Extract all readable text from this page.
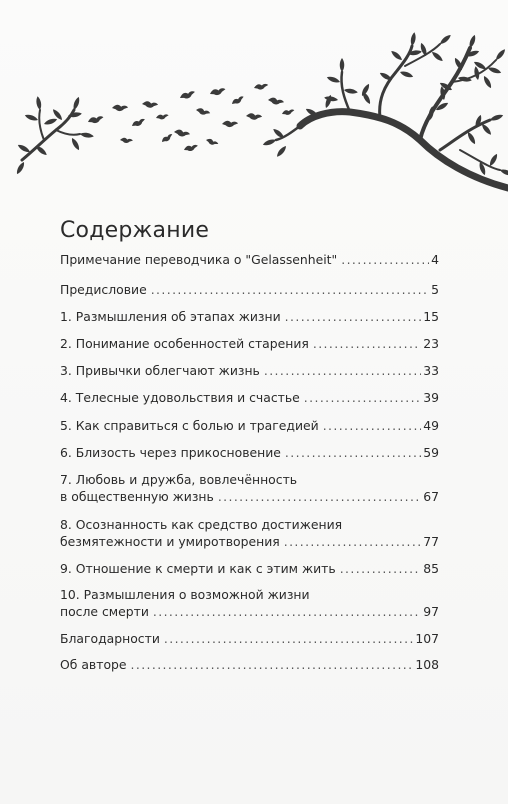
Содержание
Примечание переводчика о "Gelassenheit" .....	4
Предисловие .....	5
1. Размышления об этапах жизни .....	15
2. Понимание особенностей старения .....	23
3. Привычки облегчают жизнь .....	33
4. Телесные удовольствия и счастье .....	39
5. Как справиться с болью и трагедией .....	49
6. Близость через прикосновение .....	59
7. Любовь и дружба, вовлечённость
в общественную жизнь .....	67
8. Осознанность как средство достижения
безмятежности и умиротворения .....	77
9. Отношение к смерти и как с этим жить .....	85
10. Размышления о возможной жизни
после смерти .....	97
Благодарности .....	107
Об авторе .....	108
